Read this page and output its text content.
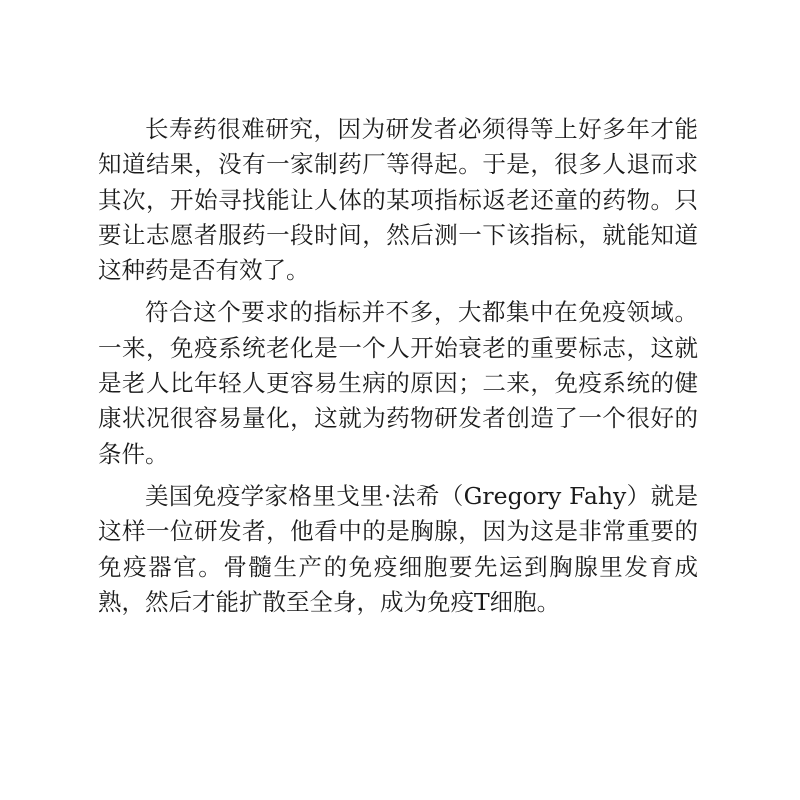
长寿药很难研究，因为研发者必须得等上好多年才能知道结果，没有一家制药厂等得起。于是，很多人退而求其次，开始寻找能让人体的某项指标返老还童的药物。只要让志愿者服药一段时间，然后测一下该指标，就能知道这种药是否有效了。

符合这个要求的指标并不多，大都集中在免疫领域。一来，免疫系统老化是一个人开始衰老的重要标志，这就是老人比年轻人更容易生病的原因；二来，免疫系统的健康状况很容易量化，这就为药物研发者创造了一个很好的条件。

美国免疫学家格里戈里·法希（Gregory Fahy）就是这样一位研发者，他看中的是胸腺，因为这是非常重要的免疫器官。骨髓生产的免疫细胞要先运到胸腺里发育成熟，然后才能扩散至全身，成为免疫T细胞。
